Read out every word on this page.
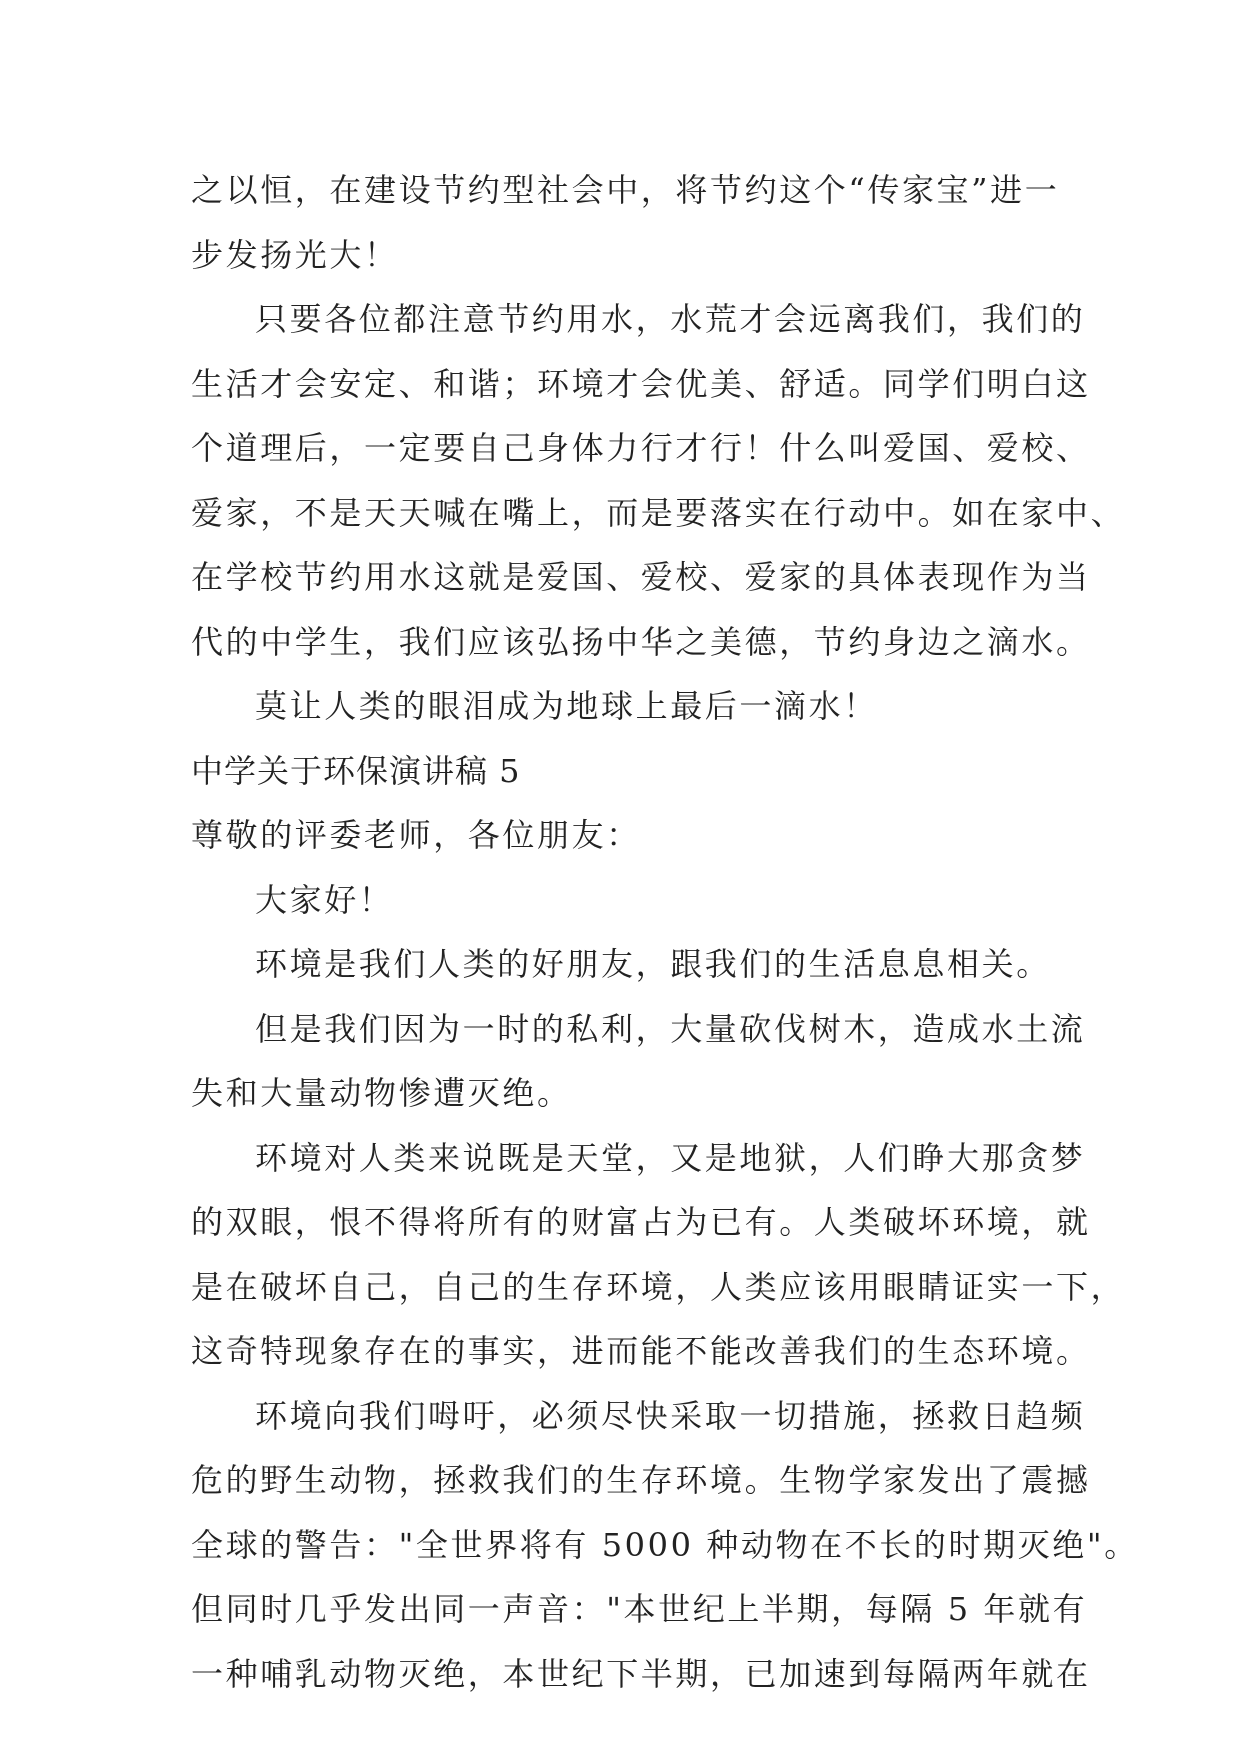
之以恒，在建设节约型社会中，将节约这个“传家宝”进一
步发扬光大！
只要各位都注意节约用水，水荒才会远离我们，我们的
生活才会安定、和谐；环境才会优美、舒适。同学们明白这
个道理后，一定要自己身体力行才行！什么叫爱国、爱校、
爱家，不是天天喊在嘴上，而是要落实在行动中。如在家中、
在学校节约用水这就是爱国、爱校、爱家的具体表现作为当
代的中学生，我们应该弘扬中华之美德，节约身边之滴水。
莫让人类的眼泪成为地球上最后一滴水！
中学关于环保演讲稿 5
尊敬的评委老师，各位朋友：
大家好！
环境是我们人类的好朋友，跟我们的生活息息相关。
但是我们因为一时的私利，大量砍伐树木，造成水土流
失和大量动物惨遭灭绝。
环境对人类来说既是天堂，又是地狱，人们睁大那贪梦
的双眼，恨不得将所有的财富占为已有。人类破坏环境，就
是在破坏自己，自己的生存环境，人类应该用眼睛证实一下，
这奇特现象存在的事实，进而能不能改善我们的生态环境。
环境向我们呣吁，必须尽快采取一切措施，拯救日趋频
危的野生动物，拯救我们的生存环境。生物学家发出了震撼
全球的警告："全世界将有 5000 种动物在不长的时期灭绝"。
但同时几乎发出同一声音："本世纪上半期，每隔 5 年就有
一种哺乳动物灭绝，本世纪下半期，已加速到每隔两年就在
